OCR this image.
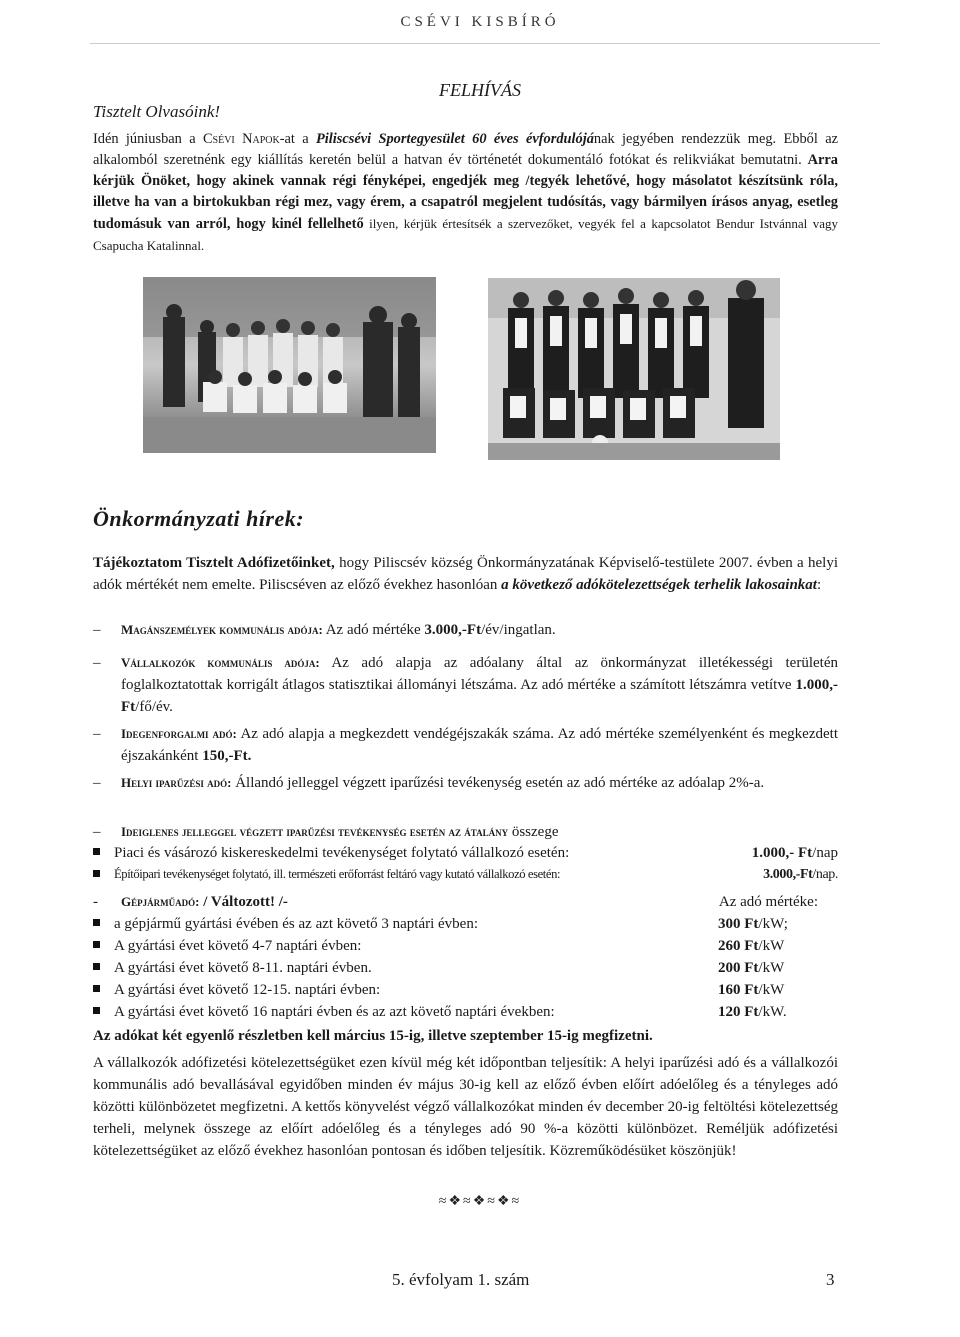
CSÉVI KISBÍRÓ
FELHÍVÁS
Tisztelt Olvasóink!
Idén júniusban a Csévi Napok-at a Piliscsévi Sportegyesület 60 éves évfordulójának jegyében rendezzük meg. Ebből az alkalomból szeretnénk egy kiállítás keretén belül a hatvan év történetét dokumentáló fotókat és relikviákat bemutatni. Arra kérjük Önöket, hogy akinek vannak régi fényképei, engedjék meg /tegyék lehetővé, hogy másolatot készítsünk róla, illetve ha van a birtokukban régi mez, vagy érem, a csapatról megjelent tudósítás, vagy bármilyen írásos anyag, esetleg tudomásuk van arról, hogy kinél fellelhető ilyen, kérjük értesítsék a szervezőket, vegyék fel a kapcsolatot Bendur Istvánnal vagy Csapucha Katalinnal.
Önkormányzati hírek:
Tájékoztatom Tisztelt Adófizetőinket, hogy Piliscsév község Önkormányzatának Képviselő-testülete 2007. évben a helyi adók mértékét nem emelte. Piliscséven az előző évekhez hasonlóan a következő adókötelezettségek terhelik lakosainkat:
– Magánszemélyek kommunális adója: Az adó mértéke 3.000,-Ft/év/ingatlan.
– Vállalkozók kommunális adója: Az adó alapja az adóalany által az önkormányzat illetékességi területén foglalkoztatottak korrigált átlagos statisztikai állományi létszáma. Az adó mértéke a számított létszámra vetítve 1.000,-Ft/fő/év.
– Idegenforgalmi adó: Az adó alapja a megkezdett vendégéjszakák száma. Az adó mértéke személyenként és megkezdett éjszakánként 150,-Ft.
– Helyi iparűzési adó: Állandó jelleggel végzett iparűzési tevékenység esetén az adó mértéke az adóalap 2%-a.
– Ideiglenes jelleggel végzett iparűzési tevékenység esetén az átalány összege
Piaci és vásározó kiskereskedelmi tevékenységet folytató vállalkozó esetén:	1.000,- Ft/nap
Építőipari tevékenységet folytató, ill. természeti erőforrást feltáró vagy kutató vállalkozó esetén:	3.000,-Ft/nap.
- Gépjárműadó: / Változott! /-	Az adó mértéke:
a gépjármű gyártási évében és az azt követő 3 naptári évben:	300 Ft/kW;
A gyártási évet követő 4-7 naptári évben:	260 Ft/kW
A gyártási évet követő 8-11. naptári évben.	200 Ft/kW
A gyártási évet követő 12-15. naptári évben:	160 Ft/kW
A gyártási évet követő 16 naptári évben és az azt követő naptári években:	120 Ft/kW.
Az adókat két egyenlő részletben kell március 15-ig, illetve szeptember 15-ig megfizetni.
A vállalkozók adófizetési kötelezettségüket ezen kívül még két időpontban teljesítik: A helyi iparűzési adó és a vállalkozói kommunális adó bevallásával egyidőben minden év május 30-ig kell az előző évben előírt adóelőleg és a tényleges adó közötti különbözetet megfizetni. A kettős könyvelést végző vállalkozókat minden év december 20-ig feltöltési kötelezettség terheli, melynek összege az előírt adóelőleg és a tényleges adó 90 %-a közötti különbözet. Reméljük adófizetési kötelezettségüket az előző évekhez hasonlóan pontosan és időben teljesítik. Közreműködésüket köszönjük!
≈❖≈❖≈❖≈
5. évfolyam 1. szám	3
